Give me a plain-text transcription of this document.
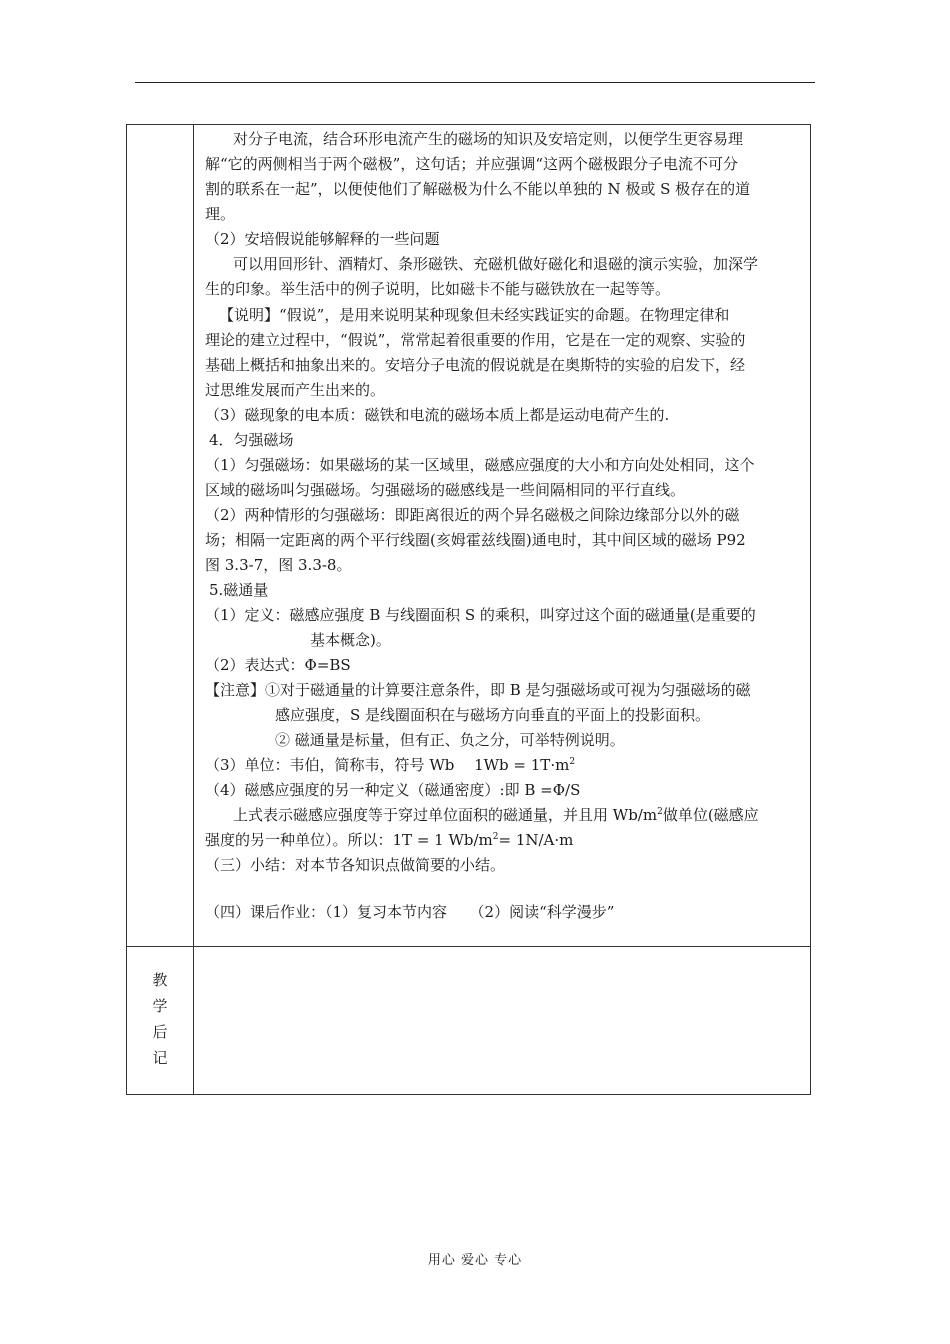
对分子电流，结合环形电流产生的磁场的知识及安培定则，以便学生更容易理
解“它的两侧相当于两个磁极”，这句话；并应强调“这两个磁极跟分子电流不可分
割的联系在一起”，以便使他们了解磁极为什么不能以单独的 N 极或 S 极存在的道
理。
（2）安培假说能够解释的一些问题
可以用回形针、酒精灯、条形磁铁、充磁机做好磁化和退磁的演示实验，加深学
生的印象。举生活中的例子说明，比如磁卡不能与磁铁放在一起等等。
【说明】“假说”，是用来说明某种现象但未经实践证实的命题。在物理定律和
理论的建立过程中，“假说”，常常起着很重要的作用，它是在一定的观察、实验的
基础上概括和抽象出来的。安培分子电流的假说就是在奥斯特的实验的启发下，经
过思维发展而产生出来的。
（3）磁现象的电本质：磁铁和电流的磁场本质上都是运动电荷产生的.
4．匀强磁场
（1）匀强磁场：如果磁场的某一区域里，磁感应强度的大小和方向处处相同，这个
区域的磁场叫匀强磁场。匀强磁场的磁感线是一些间隔相同的平行直线。
（2）两种情形的匀强磁场：即距离很近的两个异名磁极之间除边缘部分以外的磁
场；相隔一定距离的两个平行线圈(亥姆霍兹线圈)通电时，其中间区域的磁场 P92
图 3.3-7，图 3.3-8。
5.磁通量
（1）定义：磁感应强度 B 与线圈面积 S 的乘积，叫穿过这个面的磁通量(是重要的
基本概念)。
（2）表达式：Φ=BS
【注意】①对于磁通量的计算要注意条件，即 B 是匀强磁场或可视为匀强磁场的磁
感应强度，S 是线圈面积在与磁场方向垂直的平面上的投影面积。
② 磁通量是标量，但有正、负之分，可举特例说明。
（3）单位：韦伯，简称韦，符号 Wb　 $1Wb = 1T\cdot m^2$
（4）磁感应强度的另一种定义（磁通密度）:即 B =Φ/S
上式表示磁感应强度等于穿过单位面积的磁通量，并且用 $Wb/m^2$做单位(磁感应
强度的另一种单位）。所以：1T = 1 $Wb/m^2= 1N/A\cdot m$
（三）小结：对本节各知识点做简要的小结。
（四）课后作业：（1）复习本节内容　　（2）阅读“科学漫步”
教
学
后
记
用心 爱心 专心
